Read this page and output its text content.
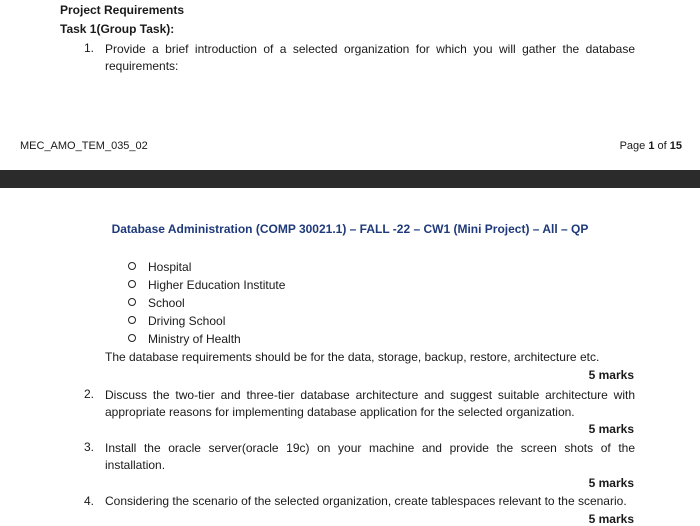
Project Requirements

Task 1(Group Task):

1. Provide a brief introduction of a selected organization for which you will gather the database requirements:

MEC_AMO_TEM_035_02	Page 1 of 15
Database Administration (COMP 30021.1) – FALL -22 – CW1 (Mini Project) – All – QP
Hospital
Higher Education Institute
School
Driving School
Ministry of Health

The database requirements should be for the data, storage, backup, restore, architecture etc.

5 marks
2. Discuss the two-tier and three-tier database architecture and suggest suitable architecture with appropriate reasons for implementing database application for the selected organization.

5 marks
3. Install the oracle server(oracle 19c) on your machine and provide the screen shots of the installation.

5 marks
4. Considering the scenario of the selected organization, create tablespaces relevant to the scenario.

5 marks
